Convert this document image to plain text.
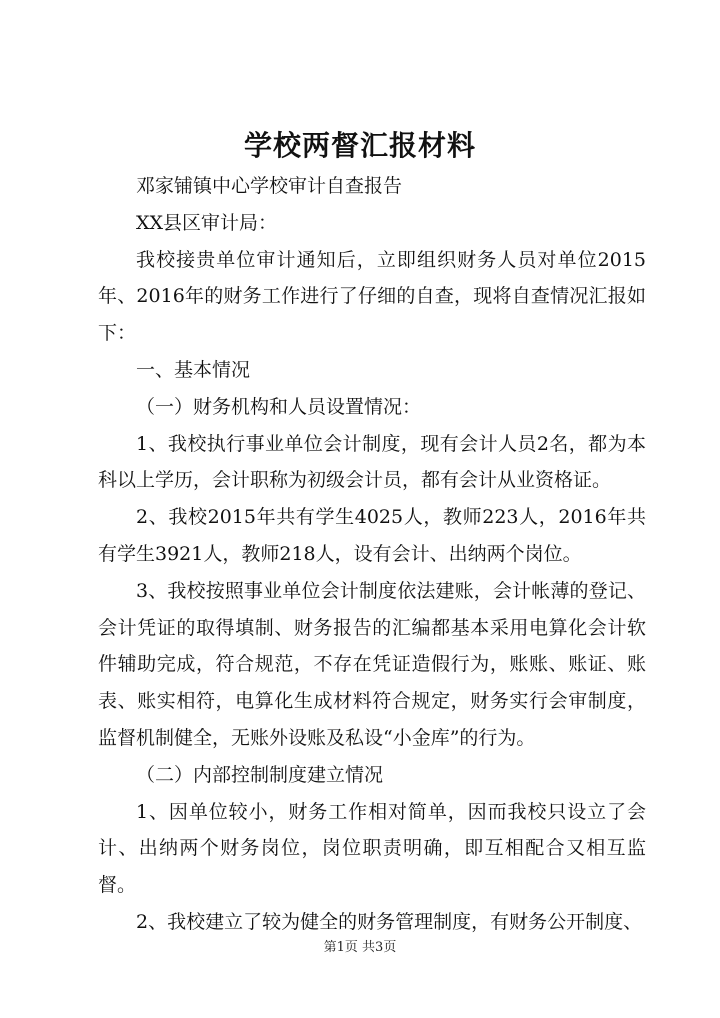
学校两督汇报材料

邓家铺镇中心学校审计自查报告

XX县区审计局：

我校接贵单位审计通知后，立即组织财务人员对单位2015年、2016年的财务工作进行了仔细的自查，现将自查情况汇报如下：

一、基本情况

（一）财务机构和人员设置情况：

1、我校执行事业单位会计制度，现有会计人员2名，都为本科以上学历，会计职称为初级会计员，都有会计从业资格证。

2、我校2015年共有学生4025人，教师223人，2016年共有学生3921人，教师218人，设有会计、出纳两个岗位。

3、我校按照事业单位会计制度依法建账，会计帐薄的登记、会计凭证的取得填制、财务报告的汇编都基本采用电算化会计软件辅助完成，符合规范，不存在凭证造假行为，账账、账证、账表、账实相符，电算化生成材料符合规定，财务实行会审制度，监督机制健全，无账外设账及私设“小金库”的行为。

（二）内部控制制度建立情况

1、因单位较小，财务工作相对简单，因而我校只设立了会计、出纳两个财务岗位，岗位职责明确，即互相配合又相互监督。

2、我校建立了较为健全的财务管理制度，有财务公开制度、

第1页 共3页
